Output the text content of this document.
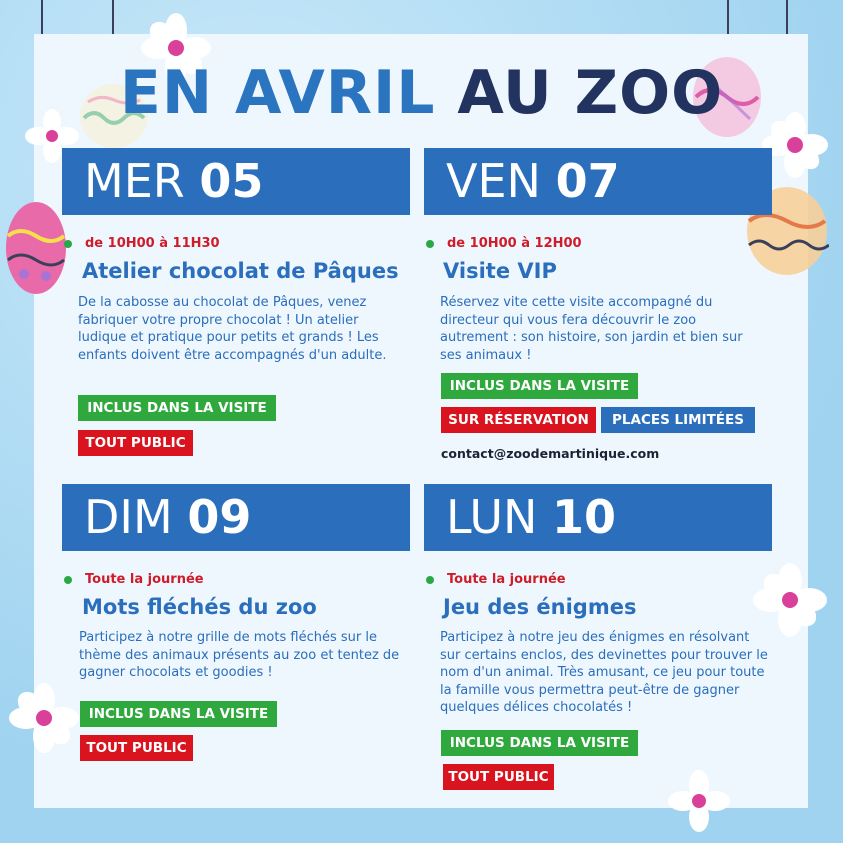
EN AVRIL AU ZOO
MER 05
de 10H00 à 11H30
Atelier chocolat de Pâques
De la cabosse au chocolat de Pâques, venez fabriquer votre propre chocolat ! Un atelier ludique et pratique pour petits et grands ! Les enfants doivent être accompagnés d'un adulte.
INCLUS DANS LA VISITE
TOUT PUBLIC
VEN 07
de 10H00 à 12H00
Visite VIP
Réservez vite cette visite accompagné du directeur qui vous fera découvrir le zoo autrement : son histoire, son jardin et bien sur ses animaux !
INCLUS DANS LA VISITE
SUR RÉSERVATION	PLACES LIMITÉES
contact@zoodemartinique.com
DIM 09
Toute la journée
Mots fléchés du zoo
Participez à notre grille de mots fléchés sur le thème des animaux présents au zoo et tentez de gagner chocolats et goodies !
INCLUS DANS LA VISITE
TOUT PUBLIC
LUN 10
Toute la journée
Jeu des énigmes
Participez à notre jeu des énigmes en résolvant sur certains enclos, des devinettes pour trouver le nom d'un animal. Très amusant, ce jeu pour toute la famille vous permettra peut-être de gagner quelques délices chocolatés !
INCLUS DANS LA VISITE
TOUT PUBLIC
